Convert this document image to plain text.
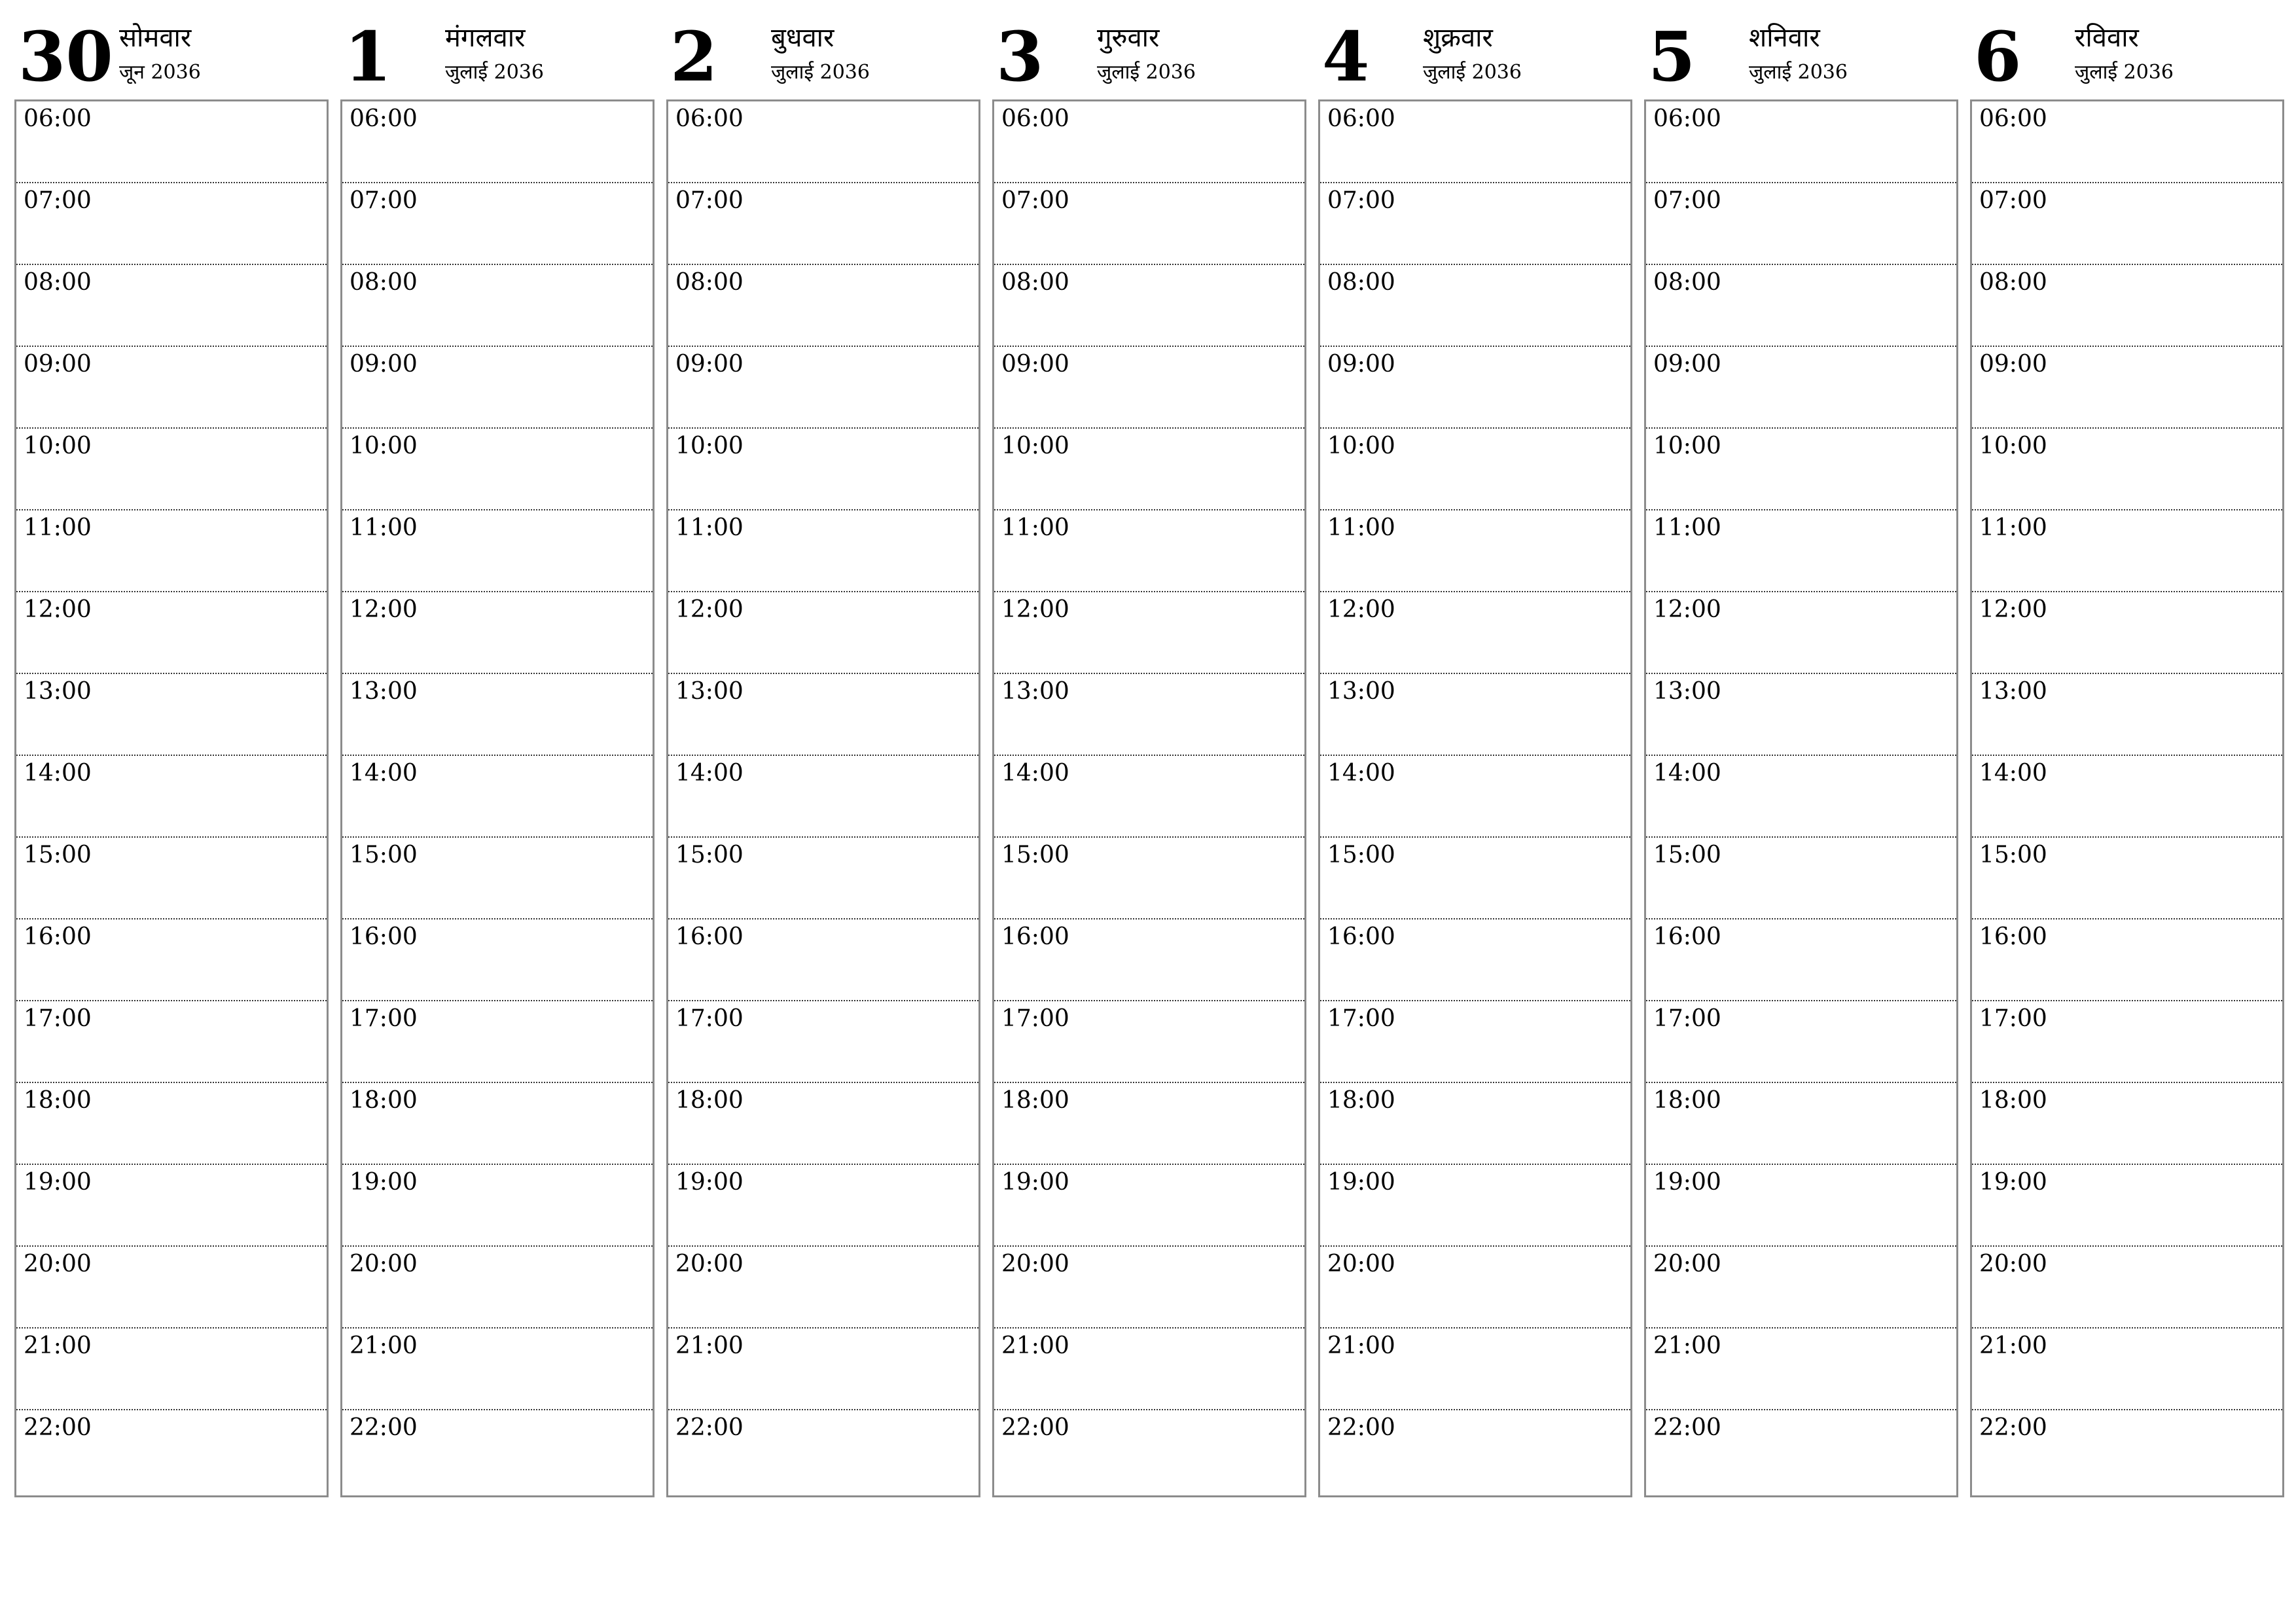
30 सोमवार
जून 2036
06:00
07:00
08:00
09:00
10:00
11:00
12:00
13:00
14:00
15:00
16:00
17:00
18:00
19:00
20:00
21:00
22:00
1 मंगलवार
जुलाई 2036
06:00
07:00
08:00
09:00
10:00
11:00
12:00
13:00
14:00
15:00
16:00
17:00
18:00
19:00
20:00
21:00
22:00
2 बुधवार
जुलाई 2036
06:00
07:00
08:00
09:00
10:00
11:00
12:00
13:00
14:00
15:00
16:00
17:00
18:00
19:00
20:00
21:00
22:00
3 गुरुवार
जुलाई 2036
06:00
07:00
08:00
09:00
10:00
11:00
12:00
13:00
14:00
15:00
16:00
17:00
18:00
19:00
20:00
21:00
22:00
4 शुक्रवार
जुलाई 2036
06:00
07:00
08:00
09:00
10:00
11:00
12:00
13:00
14:00
15:00
16:00
17:00
18:00
19:00
20:00
21:00
22:00
5 शनिवार
जुलाई 2036
06:00
07:00
08:00
09:00
10:00
11:00
12:00
13:00
14:00
15:00
16:00
17:00
18:00
19:00
20:00
21:00
22:00
6 रविवार
जुलाई 2036
06:00
07:00
08:00
09:00
10:00
11:00
12:00
13:00
14:00
15:00
16:00
17:00
18:00
19:00
20:00
21:00
22:00
